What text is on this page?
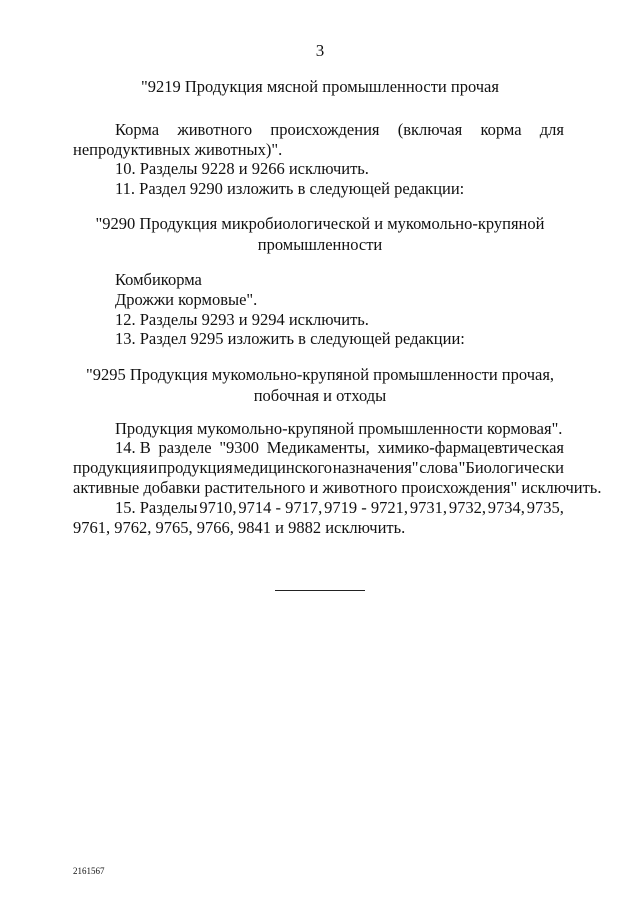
3
"9219 Продукция мясной промышленности прочая
Корма животного происхождения (включая корма для
непродуктивных животных)".
10. Разделы 9228 и 9266 исключить.
11. Раздел 9290 изложить в следующей редакции:
"9290 Продукция микробиологической и мукомольно-крупяной
промышленности
Комбикорма
Дрожжи кормовые".
12. Разделы 9293 и 9294 исключить.
13. Раздел 9295 изложить в следующей редакции:
"9295 Продукция мукомольно-крупяной промышленности прочая,
побочная и отходы
Продукция мукомольно-крупяной промышленности кормовая".
14. В разделе "9300 Медикаменты, химико-фармацевтическая
продукция и продукция медицинского назначения" слова "Биологически
активные добавки растительного и животного происхождения" исключить.
15. Разделы 9710, 9714 - 9717, 9719 - 9721, 9731, 9732, 9734, 9735,
9761, 9762, 9765, 9766, 9841 и 9882 исключить.
2161567
